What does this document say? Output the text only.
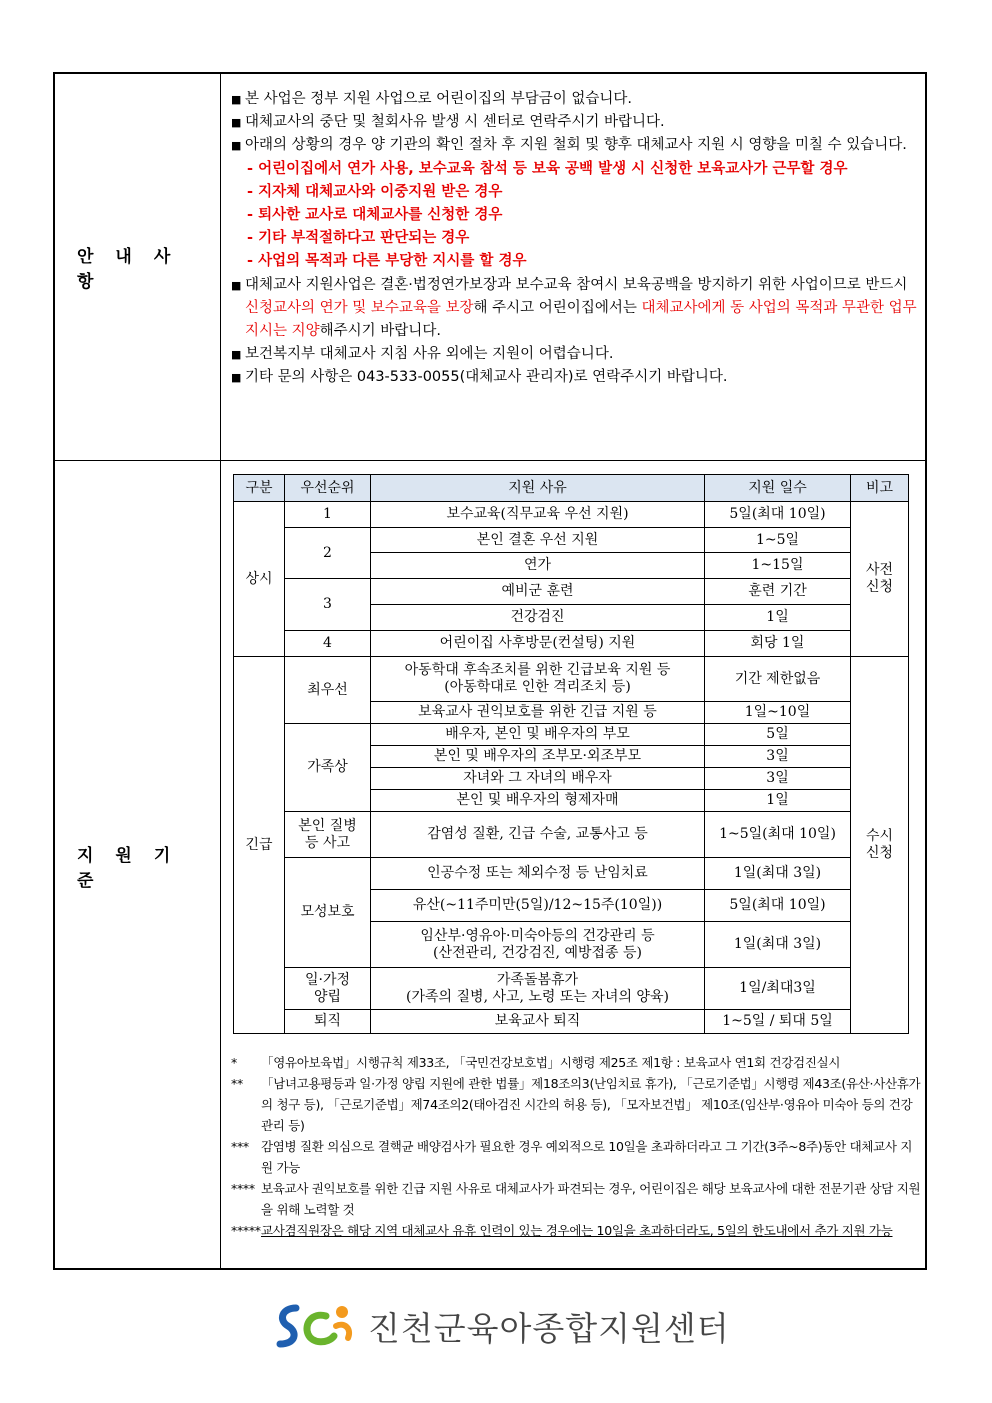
안내사항
■ 본 사업은 정부 지원 사업으로 어린이집의 부담금이 없습니다.
■ 대체교사의 중단 및 철회사유 발생 시 센터로 연락주시기 바랍니다.
■ 아래의 상황의 경우 양 기관의 확인 절차 후 지원 철회 및 향후 대체교사 지원 시 영향을 미칠 수 있습니다.
- 어린이집에서 연가 사용, 보수교육 참석 등 보육 공백 발생 시 신청한 보육교사가 근무할 경우
- 지자체 대체교사와 이중지원 받은 경우
- 퇴사한 교사로 대체교사를 신청한 경우
- 기타 부적절하다고 판단되는 경우
- 사업의 목적과 다른 부당한 지시를 할 경우
■ 대체교사 지원사업은 결혼·법정연가보장과 보수교육 참여시 보육공백을 방지하기 위한 사업이므로 반드시 신청교사의 연가 및 보수교육을 보장해 주시고 어린이집에서는 대체교사에게 동 사업의 목적과 무관한 업무지시는 지양해주시기 바랍니다.
■ 보건복지부 대체교사 지침 사유 외에는 지원이 어렵습니다.
■ 기타 문의 사항은 043-533-0055(대체교사 관리자)로 연락주시기 바랍니다.
지원기준
구분	우선순위	지원 사유	지원 일수	비고
상시	1	보수교육(직무교육 우선 지원)	5일(최대 10일)	사전
신청
	2	본인 결혼 우선 지원	1~5일	
		연가	1~15일	
	3	예비군 훈련	훈련 기간	
		건강검진	1일	
	4	어린이집 사후방문(컨설팅) 지원	회당 1일	
긴급	최우선	아동학대 후속조치를 위한 긴급보육 지원 등
(아동학대로 인한 격리조치 등)	기간 제한없음	수시
신청
		보육교사 권익보호를 위한 긴급 지원 등	1일~10일	
	가족상	배우자, 본인 및 배우자의 부모	5일	
		본인 및 배우자의 조부모·외조부모	3일	
		자녀와 그 자녀의 배우자	3일	
		본인 및 배우자의 형제자매	1일	
	본인 질병
등 사고	감염성 질환, 긴급 수술, 교통사고 등	1~5일(최대 10일)	
	모성보호	인공수정 또는 체외수정 등 난임치료	1일(최대 3일)	
		유산(~11주미만(5일)/12~15주(10일))	5일(최대 10일)	
		임산부·영유아·미숙아등의 건강관리 등
(산전관리, 건강검진, 예방접종 등)	1일(최대 3일)	
	일·가정
양립	가족돌봄휴가
(가족의 질병, 사고, 노령 또는 자녀의 양육)	1일/최대3일	
	퇴직	보육교사 퇴직	1~5일 / 퇴대 5일	
* 「영유아보육법」시행규칙 제33조, 「국민건강보호법」시행령 제25조 제1항 : 보육교사 연1회 건강검진실시
** 「남녀고용평등과 일·가정 양립 지원에 관한 법률」제18조의3(난임치료 휴가), 「근로기준법」시행령 제43조(유산·사산휴가의 청구 등), 「근로기준법」제74조의2(태아검진 시간의 허용 등), 「모자보건법」 제10조(임산부·영유아 미숙아 등의 건강관리 등)
*** 감염병 질환 의심으로 결핵균 배양검사가 필요한 경우 예외적으로 10일을 초과하더라고 그 기간(3주~8주)동안 대체교사 지원 가능
**** 보육교사 권익보호를 위한 긴급 지원 사유로 대체교사가 파견되는 경우, 어린이집은 해당 보육교사에 대한 전문기관 상담 지원을 위해 노력할 것
***** 교사겸직원장은 해당 지역 대체교사 유휴 인력이 있는 경우에는 10일을 초과하더라도, 5일의 한도내에서 추가 지원 가능
진천군육아종합지원센터
